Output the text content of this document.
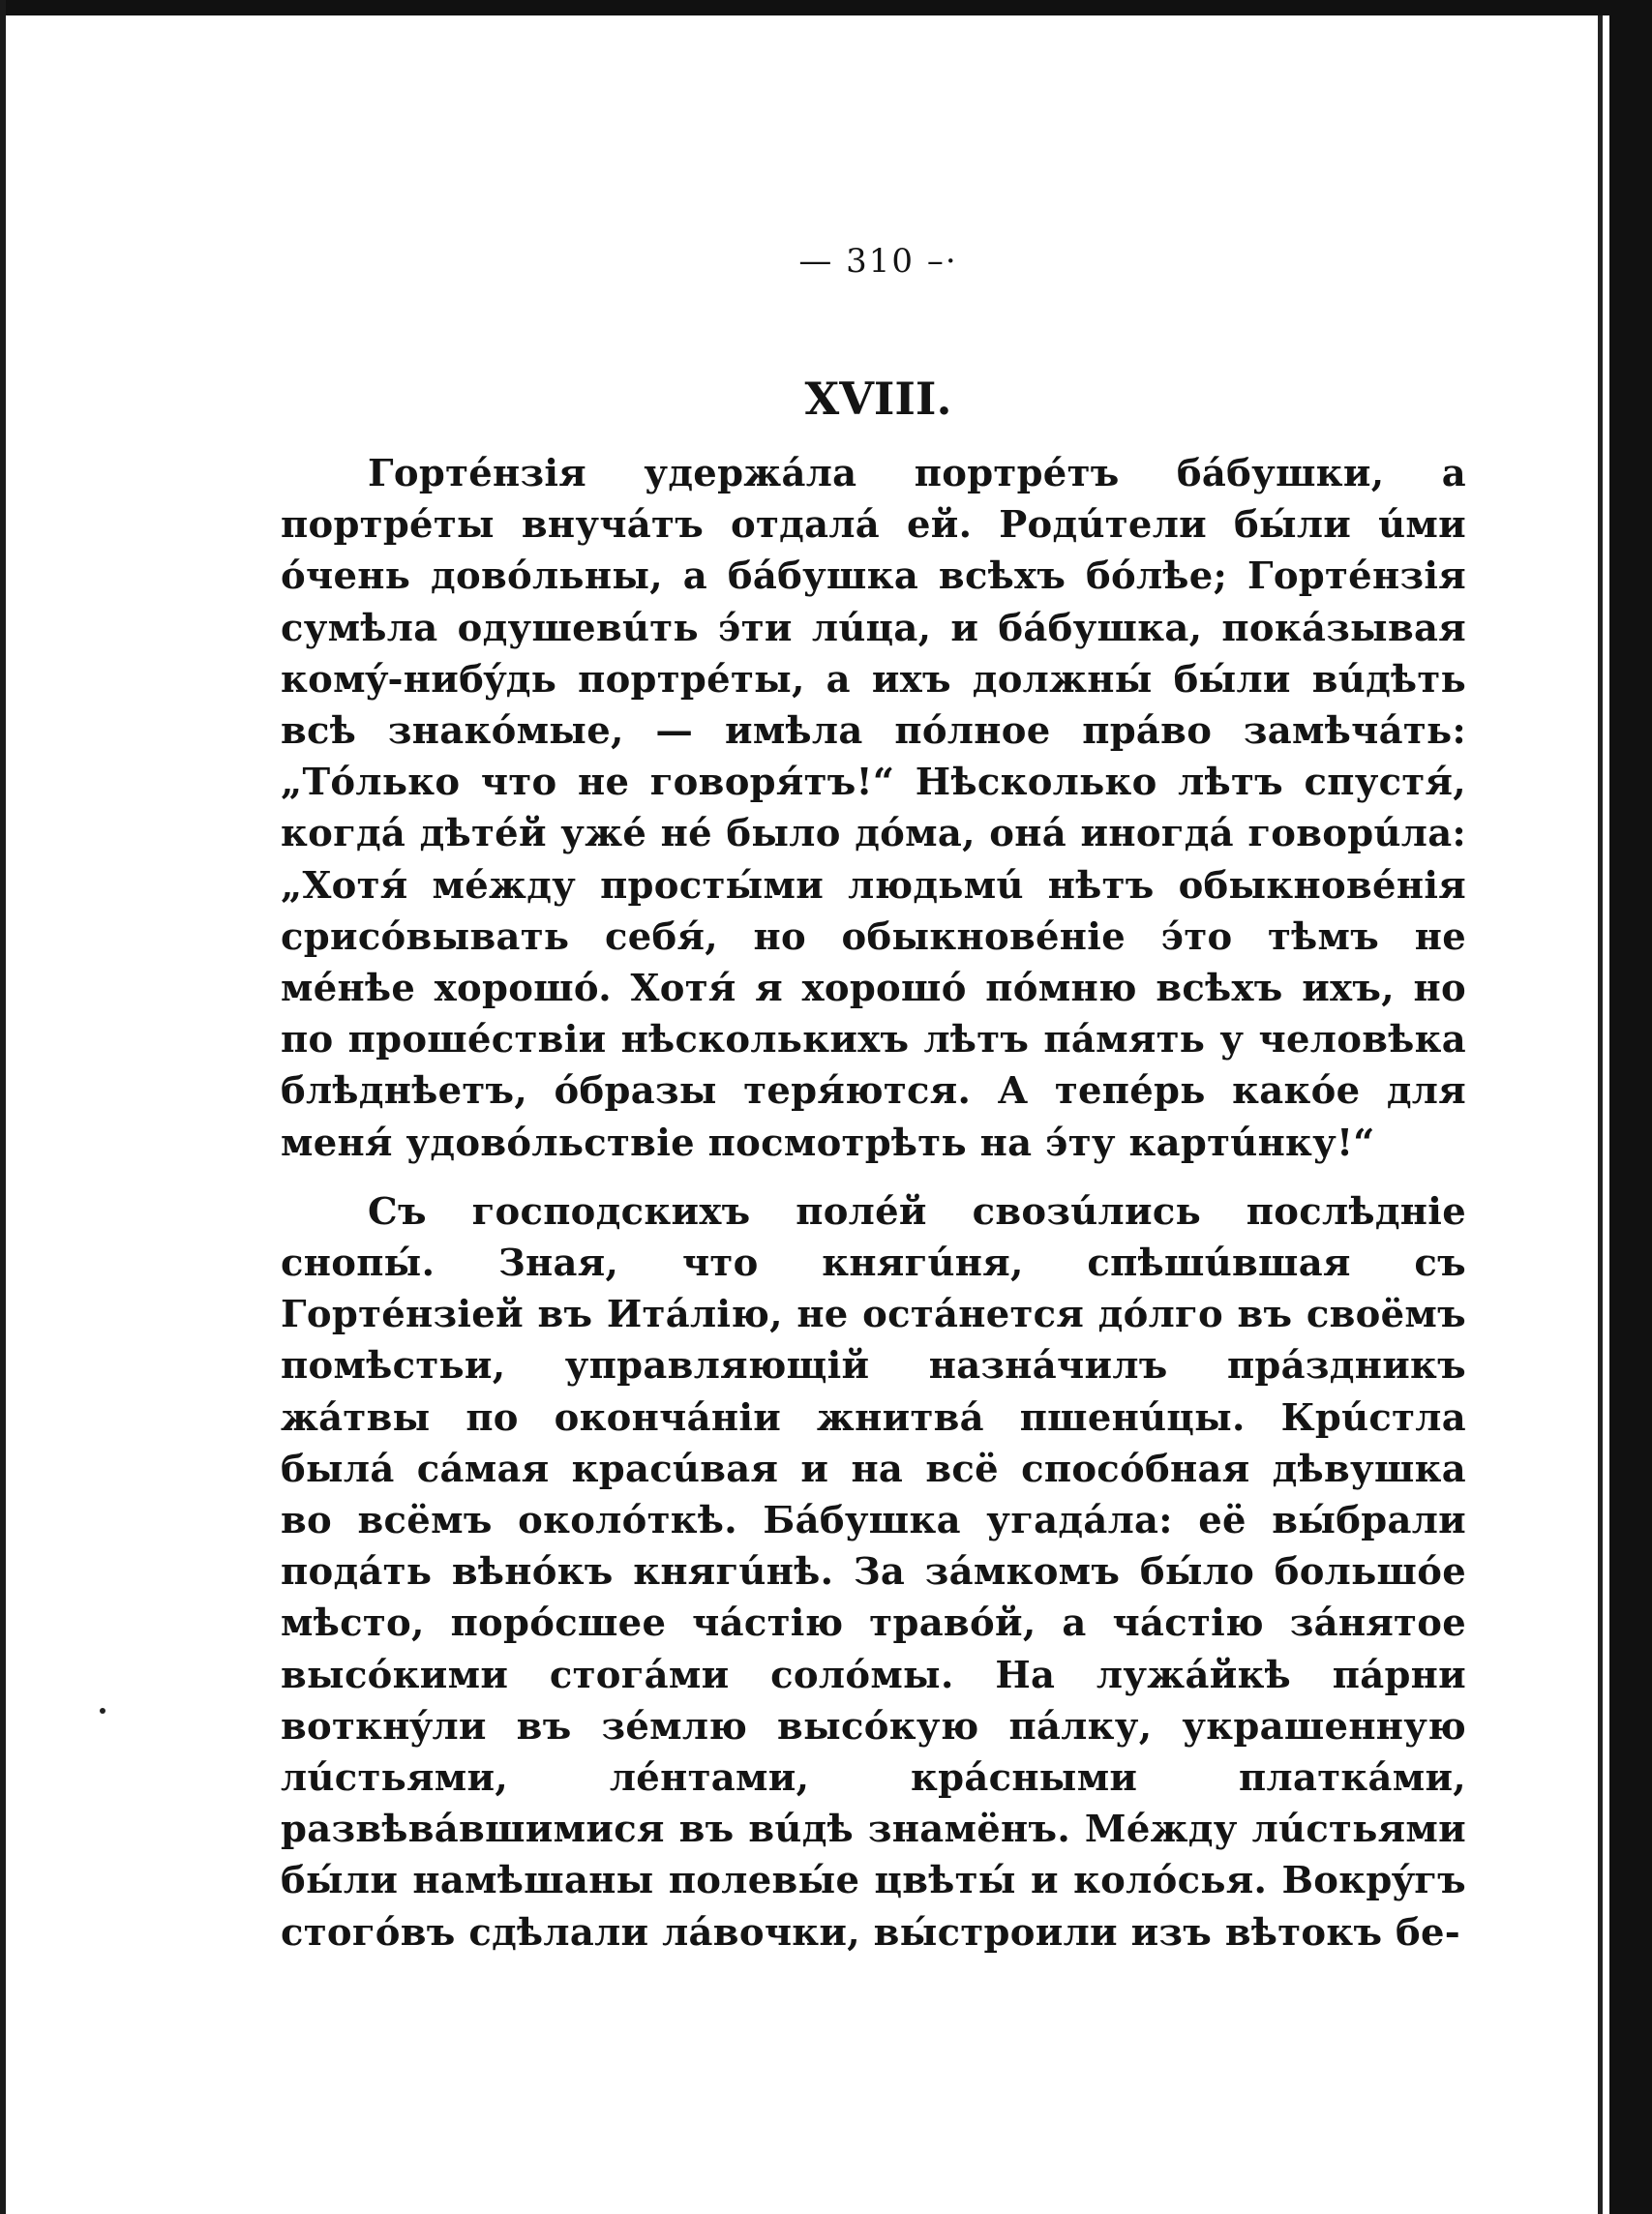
— 310 –·
XVIII.

Гортéнзія удержáла портрéтъ бáбушки, а портрéты внучáтъ отдалá ей. Родúтели бы́ли úми óчень довóльны, а бáбушка всѣхъ бóлѣе; Гортéнзія сумѣла одушевúть э́ти лúца, и бáбушка, покáзывая комý-нибýдь портрéты, а ихъ должны́ бы́ли вúдѣть всѣ знакóмые, — имѣла пóлное прáво замѣчáть: „Тóлько что не говоря́тъ!“ Нѣсколько лѣтъ спустя́, когдá дѣтéй ужé нé было дóма, онá иногдá говорúла: „Хотя́ мéжду просты́ми людьмú нѣтъ обыкновéнія срисóвывать себя́, но обыкновéніе э́то тѣмъ не мéнѣе хорошó. Хотя́ я хорошó пóмню всѣхъ ихъ, но по прошéствіи нѣсколькихъ лѣтъ пáмять у человѣка блѣднѣетъ, óбразы теря́ются. А тепéрь какóе для меня́ удовóльствіе посмотрѣть на э́ту картúнку!“

Съ господскихъ полéй свозúлись послѣдніе снопы́. Зная, что княгúня, спѣшúвшая съ Гортéнзіей въ Итáлію, не остáнется дóлго въ своёмъ помѣстьи, управляющій назнáчилъ прáздникъ жáтвы по окончáніи жнитвá пшенúцы. Крúстла былá сáмая красúвая и на всё спосóбная дѣвушка во всёмъ околóткѣ. Бáбушка угадáла: её вы́брали подáть вѣнóкъ княгúнѣ. За зáмкомъ бы́ло большóе мѣсто, порóсшее чáстію травóй, а чáстію зáнятое высóкими стогáми солóмы. На лужáйкѣ пáрни воткнýли въ зéмлю высóкую пáлку, украшенную лúстьями, лéнтами, крáсными платкáми, развѣвáвшимися въ вúдѣ знамёнъ. Мéжду лúстьями бы́ли намѣшаны полевы́е цвѣты́ и колóсья. Вокрýгъ стогóвъ сдѣлали лáвочки, вы́строили изъ вѣтокъ бе-
